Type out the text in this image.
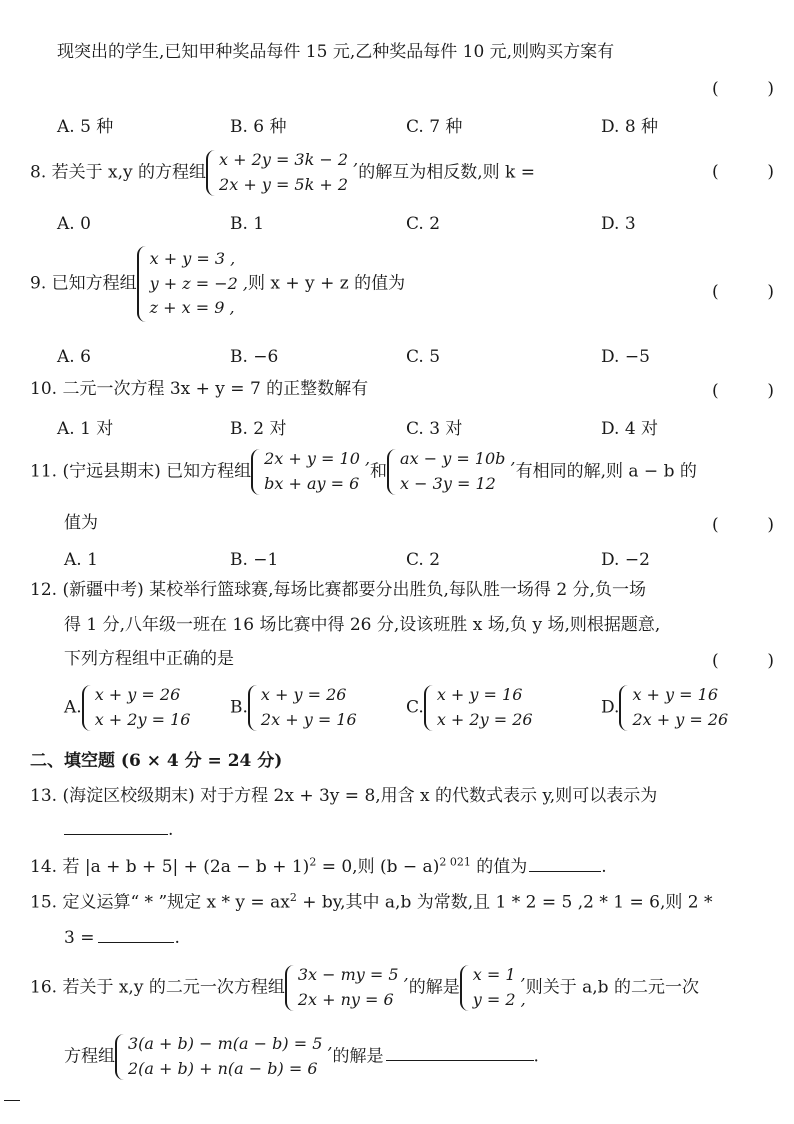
现突出的学生,已知甲种奖品每件 15 元,乙种奖品每件 10 元,则购买方案有
(	)
A. 5 种	B. 6 种	C. 7 种	D. 8 种
8. 若关于 x,y 的方程组
x + 2y = 3k − 2 ,
2x + y = 5k + 2
的解互为相反数,则 k =	(	)
A. 0	B. 1	C. 2	D. 3
9. 已知方程组
x + y = 3 ,
y + z = −2 ,
z + x = 9 ,
则 x + y + z 的值为	(	)
A. 6	B. −6	C. 5	D. −5
10. 二元一次方程 3x + y = 7 的正整数解有	(	)
A. 1 对	B. 2 对	C. 3 对	D. 4 对
11. (宁远县期末) 已知方程组
2x + y = 10 ,
bx + ay = 6
和
ax − y = 10b ,
x − 3y = 12
有相同的解,则 a − b 的
值为	(	)
A. 1	B. −1	C. 2	D. −2
12. (新疆中考) 某校举行篮球赛,每场比赛都要分出胜负,每队胜一场得 2 分,负一场
得 1 分,八年级一班在 16 场比赛中得 26 分,设该班胜 x 场,负 y 场,则根据题意,
下列方程组中正确的是	(	)
A.
x + y = 26
x + 2y = 16
B.
x + y = 26
2x + y = 16
C.
x + y = 16
x + 2y = 26
D.
x + y = 16
2x + y = 26
二、填空题 (6 × 4 分 = 24 分)
13. (海淀区校级期末) 对于方程 2x + 3y = 8,用含 x 的代数式表示 y,则可以表示为
.
14. 若 $|a + b + 5| + (2a - b + 1)^2 = 0$,则 $(b - a)^{2 021}$ 的值为	.
15. 定义运算“ * ”规定 $x * y = ax^2$ + by,其中 a,b 为常数,且 1 * 2 = 5 ,2 * 1 = 6,则 2 *
3 =	.
16. 若关于 x,y 的二元一次方程组
3x − my = 5 ,
2x + ny = 6
的解是
x = 1 ,
y = 2 ,
则关于 a,b 的二元一次
方程组
3(a + b) − m(a − b) = 5 ,
2(a + b) + n(a − b) = 6
的解是	.
